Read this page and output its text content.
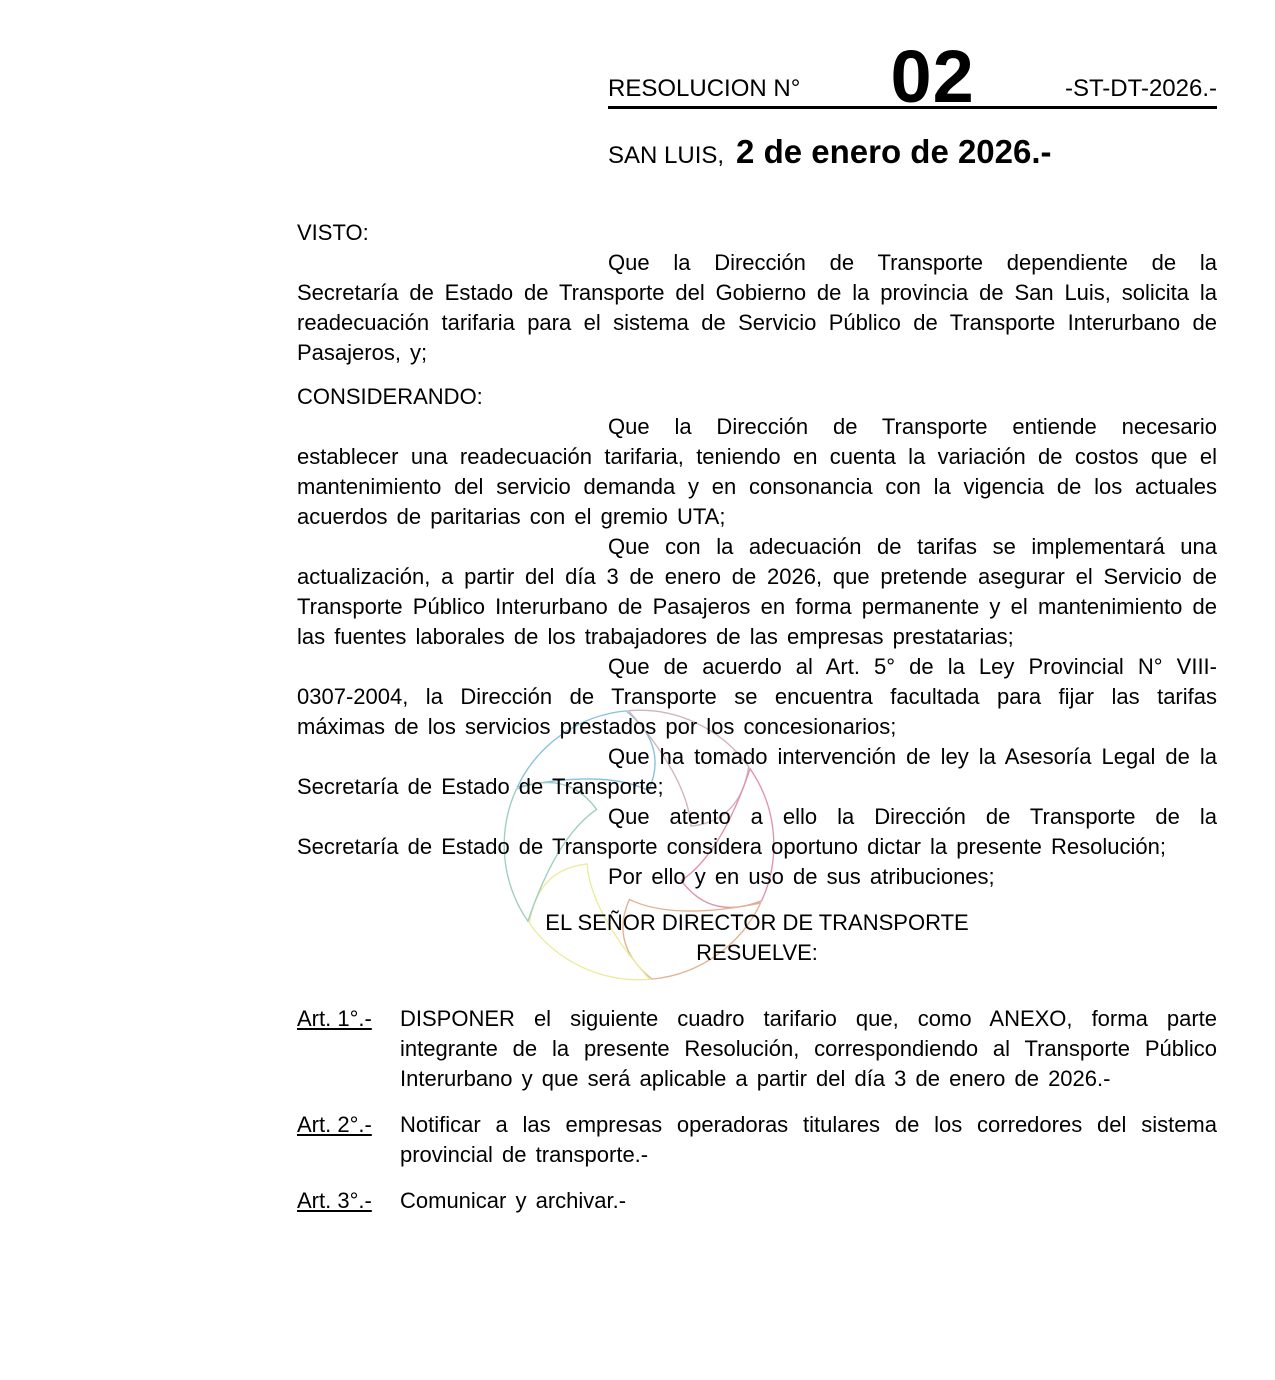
RESOLUCION N° 02	-ST-DT-2026.-
SAN LUIS, 2 de enero de 2026.-
VISTO:

Que la Dirección de Transporte dependiente de la Secretaría de Estado de Transporte del Gobierno de la provincia de San Luis, solicita la readecuación tarifaria para el sistema de Servicio Público de Transporte Interurbano de Pasajeros, y;

CONSIDERANDO:

Que la Dirección de Transporte entiende necesario establecer una readecuación tarifaria, teniendo en cuenta la variación de costos que el mantenimiento del servicio demanda y en consonancia con la vigencia de los actuales acuerdos de paritarias con el gremio UTA;

Que con la adecuación de tarifas se implementará una actualización, a partir del día 3 de enero de 2026, que pretende asegurar el Servicio de Transporte Público Interurbano de Pasajeros en forma permanente y el mantenimiento de las fuentes laborales de los trabajadores de las empresas prestatarias;

Que de acuerdo al Art. 5° de la Ley Provincial N° VIII-0307-2004, la Dirección de Transporte se encuentra facultada para fijar las tarifas máximas de los servicios prestados por los concesionarios;

Que ha tomado intervención de ley la Asesoría Legal de la Secretaría de Estado de Transporte;

Que atento a ello la Dirección de Transporte de la Secretaría de Estado de Transporte considera oportuno dictar la presente Resolución;

Por ello y en uso de sus atribuciones;

EL SEÑOR DIRECTOR DE TRANSPORTE
RESUELVE:
Art. 1°.-	DISPONER el siguiente cuadro tarifario que, como ANEXO, forma parte integrante de la presente Resolución, correspondiendo al Transporte Público Interurbano y que será aplicable a partir del día 3 de enero de 2026.-

Art. 2°.-	Notificar a las empresas operadoras titulares de los corredores del sistema provincial de transporte.-

Art. 3°.-	Comunicar y archivar.-
